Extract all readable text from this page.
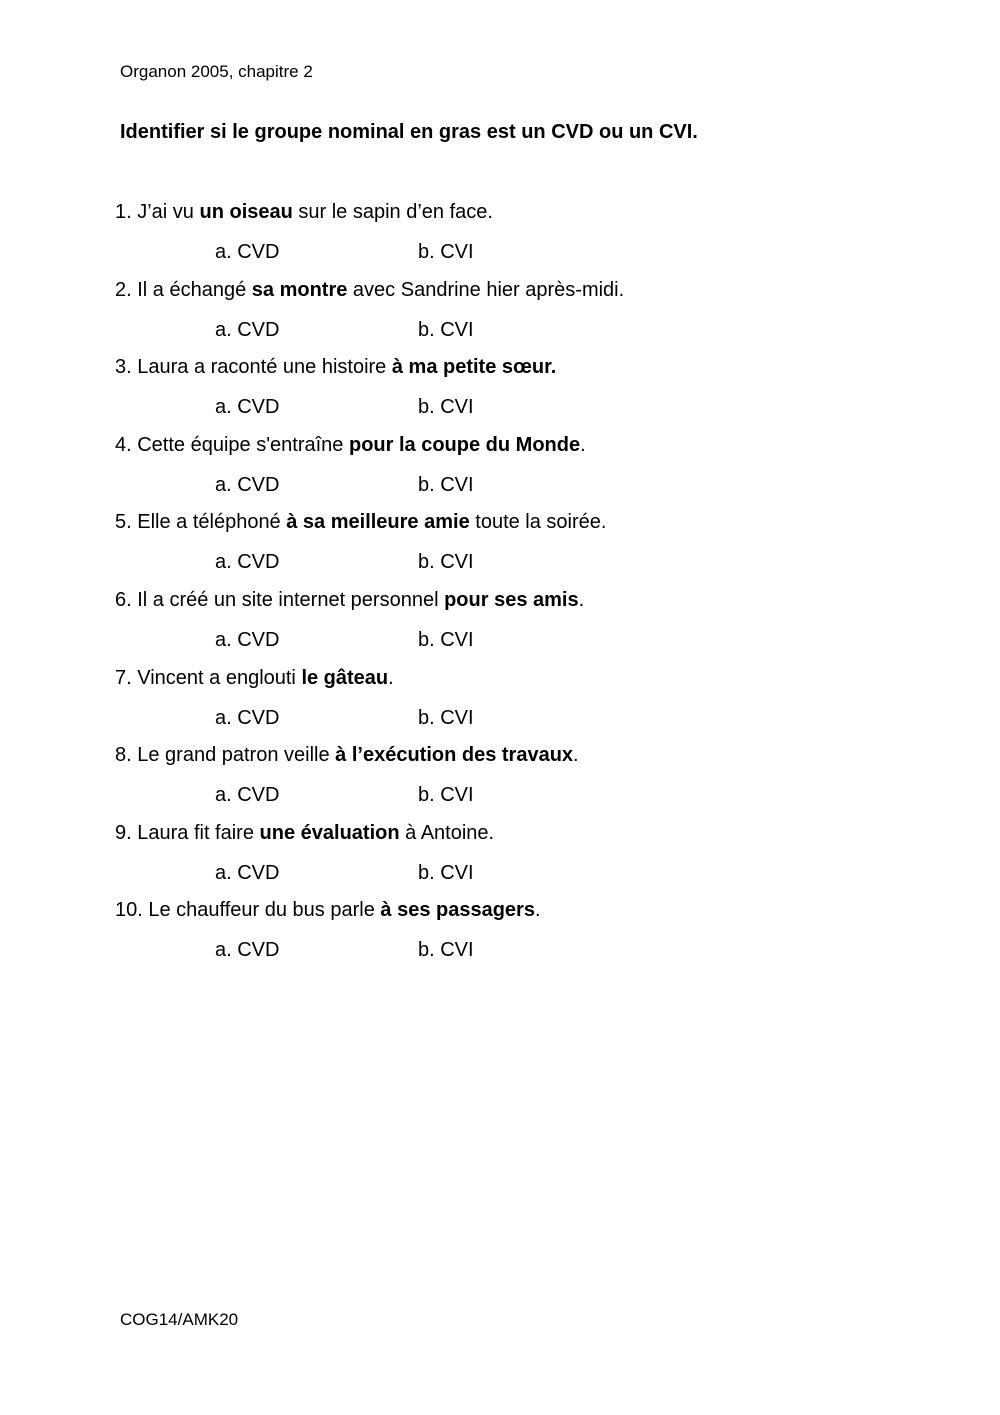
Organon 2005, chapitre 2
Identifier si le groupe nominal en gras est un CVD ou un CVI.
1. J’ai vu un oiseau sur le sapin d’en face.
a. CVD	b. CVI
2. Il a échangé sa montre avec Sandrine hier après-midi.
a. CVD	b. CVI
3. Laura a raconté une histoire à ma petite sœur.
a. CVD	b. CVI
4. Cette équipe s'entraîne pour la coupe du Monde.
a. CVD	b. CVI
5. Elle a téléphoné à sa meilleure amie toute la soirée.
a. CVD	b. CVI
6. Il a créé un site internet personnel pour ses amis.
a. CVD	b. CVI
7. Vincent a englouti le gâteau.
a. CVD	b. CVI
8. Le grand patron veille à l’exécution des travaux.
a. CVD	b. CVI
9. Laura fit faire une évaluation à Antoine.
a. CVD	b. CVI
10. Le chauffeur du bus parle à ses passagers.
a. CVD	b. CVI
COG14/AMK20
